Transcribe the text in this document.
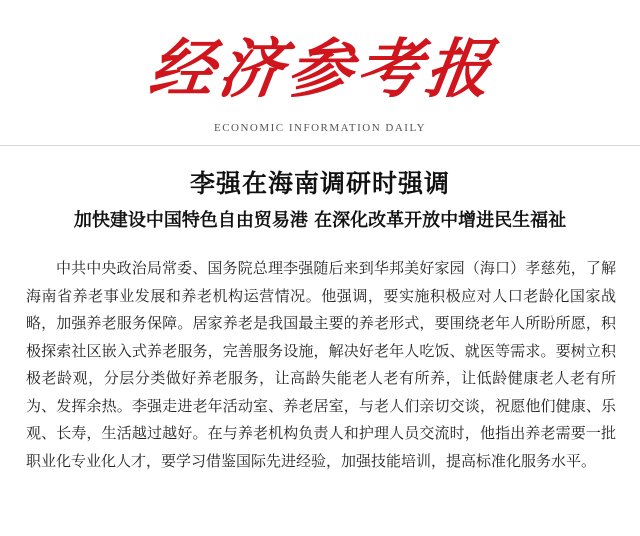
经
济
参
考
报
ECONOMIC INFORMATION DAILY
李强在海南调研时强调
加快建设中国特色自由贸易港 在深化改革开放中增进民生福祉

中共中央政治局常委、国务院总理李强随后来到华邦美好家园（海口）孝慈苑，了解海南省养老事业发展和养老机构运营情况。他强调，要实施积极应对人口老龄化国家战略，加强养老服务保障。居家养老是我国最主要的养老形式，要围绕老年人所盼所愿，积极探索社区嵌入式养老服务，完善服务设施，解决好老年人吃饭、就医等需求。要树立积极老龄观，分层分类做好养老服务，让高龄失能老人老有所养，让低龄健康老人老有所为、发挥余热。李强走进老年活动室、养老居室，与老人们亲切交谈，祝愿他们健康、乐观、长寿，生活越过越好。在与养老机构负责人和护理人员交流时，他指出养老需要一批职业化专业化人才，要学习借鉴国际先进经验，加强技能培训，提高标准化服务水平。
